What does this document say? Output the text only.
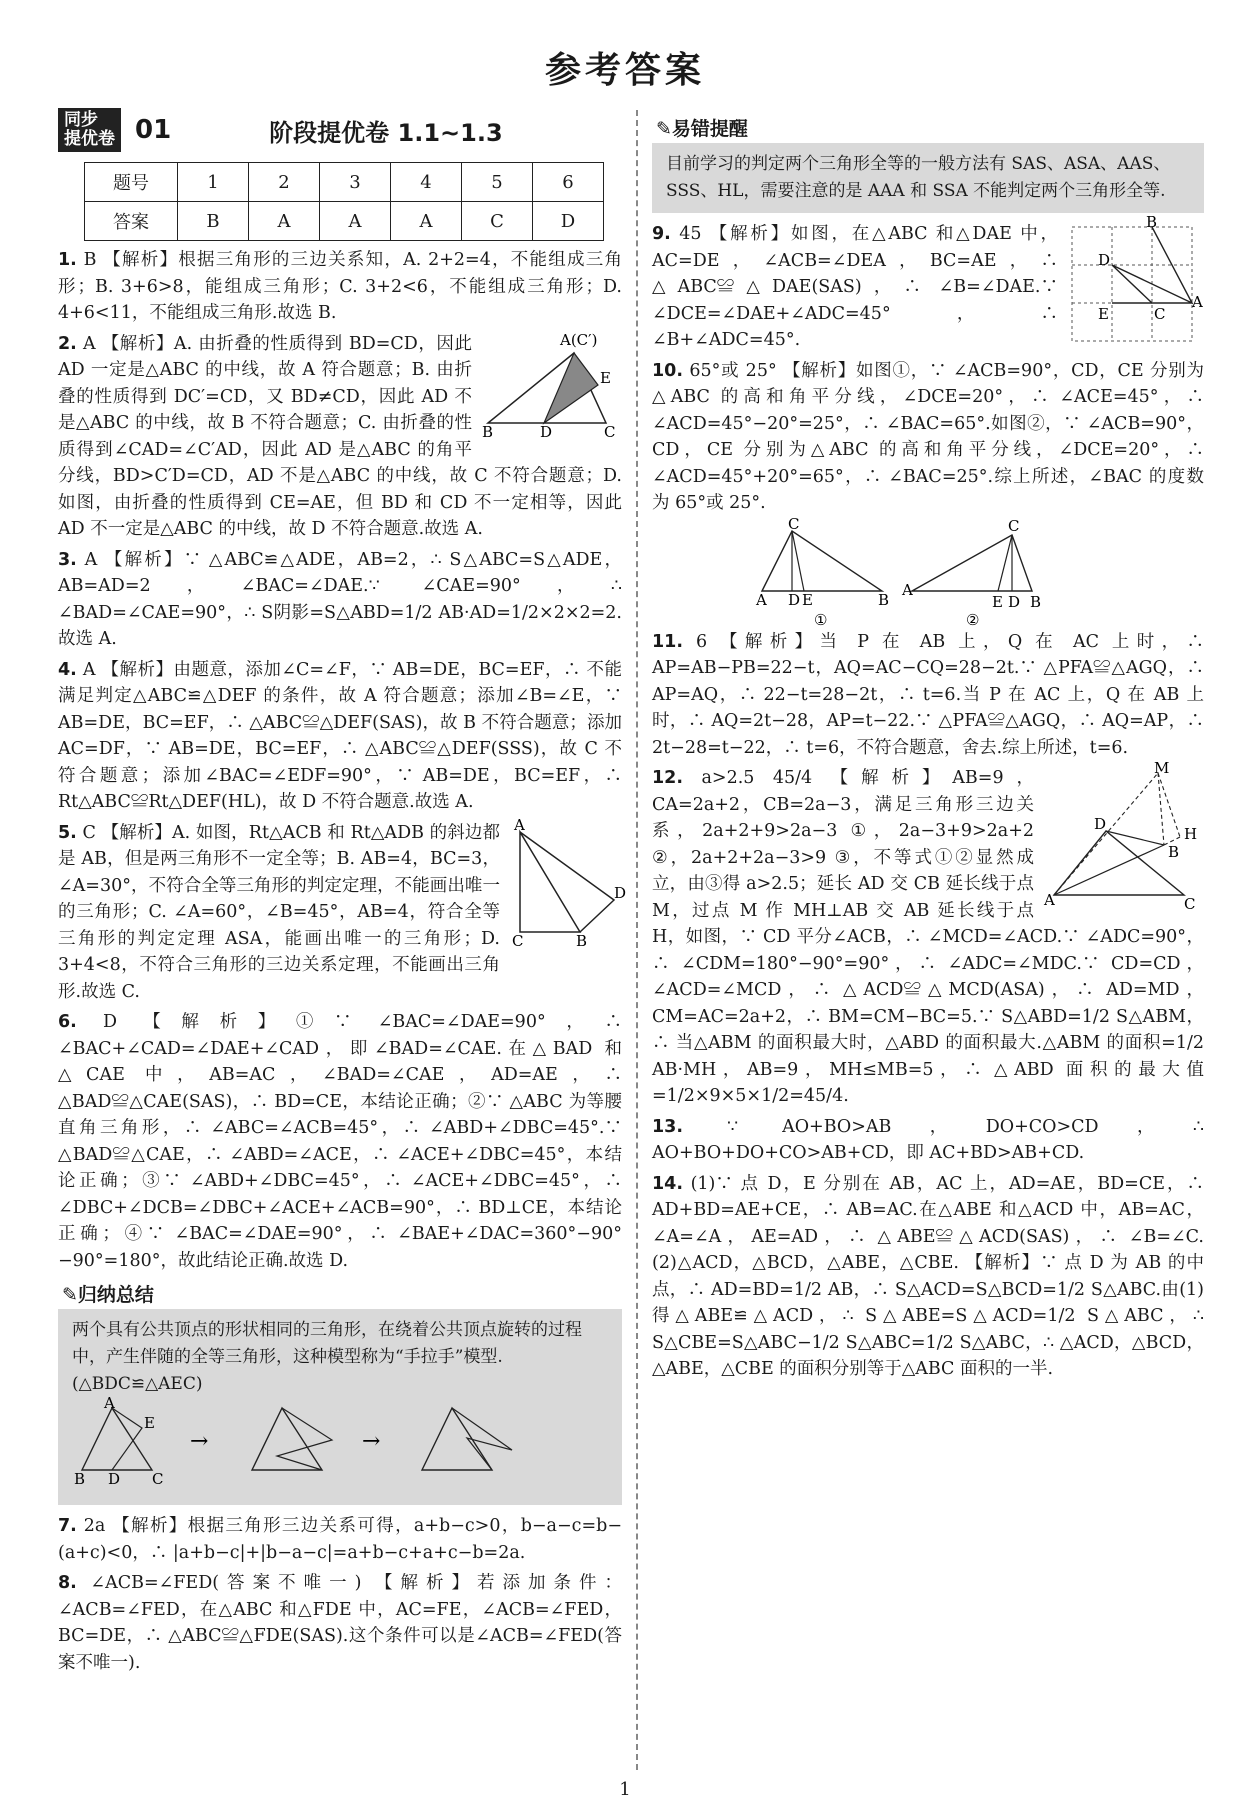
参考答案
同步
提优卷 01	阶段提优卷 1.1~1.3
题号	1	2	3	4	5	6
答案	B	A	A	A	C	D

1. B 【解析】根据三角形的三边关系知，A. 2+2=4，不能组成三角形；B. 3+6>8，能组成三角形；C. 3+2<6，不能组成三角形；D. 4+6<11，不能组成三角形.故选 B.

A(C′)
E
B	D	C

2. A 【解析】A. 由折叠的性质得到 BD=CD，因此 AD 一定是△ABC 的中线，故 A 符合题意；B. 由折叠的性质得到 DC′=CD，又 BD≠CD，因此 AD 不是△ABC 的中线，故 B 不符合题意；C. 由折叠的性质得到∠CAD=∠C′AD，因此 AD 是△ABC 的角平分线，BD>C′D=CD，AD 不是△ABC 的中线，故 C 不符合题意；D. 如图，由折叠的性质得到 CE=AE，但 BD 和 CD 不一定相等，因此 AD 不一定是△ABC 的中线，故 D 不符合题意.故选 A.

3. A 【解析】∵ △ABC≌△ADE，AB=2，∴ S△ABC=S△ADE，AB=AD=2，∠BAC=∠DAE.∵ ∠CAE=90°，∴ ∠BAD=∠CAE=90°，∴ S阴影=S△ABD=1/2 AB·AD=1/2×2×2=2.故选 A.

4. A 【解析】由题意，添加∠C=∠F，∵ AB=DE，BC=EF，∴ 不能满足判定△ABC≌△DEF 的条件，故 A 符合题意；添加∠B=∠E，∵ AB=DE，BC=EF，∴ △ABC≌△DEF(SAS)，故 B 不符合题意；添加 AC=DF，∵ AB=DE，BC=EF，∴ △ABC≌△DEF(SSS)，故 C 不符合题意；添加∠BAC=∠EDF=90°，∵ AB=DE，BC=EF，∴ Rt△ABC≌Rt△DEF(HL)，故 D 不符合题意.故选 A.

A
D
C	B

5. C 【解析】A. 如图，Rt△ACB 和 Rt△ADB 的斜边都是 AB，但是两三角形不一定全等；B. AB=4，BC=3，∠A=30°，不符合全等三角形的判定定理，不能画出唯一的三角形；C. ∠A=60°，∠B=45°，AB=4，符合全等三角形的判定定理 ASA，能画出唯一的三角形；D. 3+4<8，不符合三角形的三边关系定理，不能画出三角形.故选 C.

6. D 【解析】①∵ ∠BAC=∠DAE=90°，∴ ∠BAC+∠CAD=∠DAE+∠CAD，即∠BAD=∠CAE.在△BAD 和△CAE 中，AB=AC，∠BAD=∠CAE，AD=AE，∴ △BAD≌△CAE(SAS)，∴ BD=CE，本结论正确；②∵ △ABC 为等腰直角三角形，∴ ∠ABC=∠ACB=45°，∴ ∠ABD+∠DBC=45°.∵ △BAD≌△CAE，∴ ∠ABD=∠ACE，∴ ∠ACE+∠DBC=45°，本结论正确；③∵ ∠ABD+∠DBC=45°，∴ ∠ACE+∠DBC=45°，∴ ∠DBC+∠DCB=∠DBC+∠ACE+∠ACB=90°，∴ BD⊥CE，本结论正确；④∵ ∠BAC=∠DAE=90°，∴ ∠BAE+∠DAC=360°−90°−90°=180°，故此结论正确.故选 D.

✎归纳总结
两个具有公共顶点的形状相同的三角形，在绕着公共顶点旋转的过程中，产生伴随的全等三角形，这种模型称为“手拉手”模型.(△BDC≌△AEC)
A
E
B D C
→	→

7. 2a 【解析】根据三角形三边关系可得，a+b−c>0，b−a−c=b−(a+c)<0，∴ |a+b−c|+|b−a−c|=a+b−c+a+c−b=2a.

8. ∠ACB=∠FED(答案不唯一) 【解析】若添加条件：∠ACB=∠FED，在△ABC 和△FDE 中，AC=FE，∠ACB=∠FED，BC=DE，∴ △ABC≌△FDE(SAS).这个条件可以是∠ACB=∠FED(答案不唯一).

✎易错提醒
目前学习的判定两个三角形全等的一般方法有 SAS、ASA、AAS、SSS、HL，需要注意的是 AAA 和 SSA 不能判定两个三角形全等.
B
D
E	C
A

9. 45 【解析】如图，在△ABC 和△DAE 中，AC=DE，∠ACB=∠DEA，BC=AE，∴ △ABC≌△DAE(SAS)，∴ ∠B=∠DAE.∵ ∠DCE=∠DAE+∠ADC=45°，∴ ∠B+∠ADC=45°.

10. 65°或 25° 【解析】如图①，∵ ∠ACB=90°，CD，CE 分别为△ABC 的高和角平分线，∠DCE=20°，∴ ∠ACE=45°，∴ ∠ACD=45°−20°=25°，∴ ∠BAC=65°.如图②，∵ ∠ACB=90°，CD，CE 分别为△ABC 的高和角平分线，∠DCE=20°，∴ ∠ACD=45°+20°=65°，∴ ∠BAC=25°.综上所述，∠BAC 的度数为 65°或 25°.

C
A D E	B
①
C
A
E D B
②

11. 6 【解析】当 P 在 AB 上，Q 在 AC 上时，∴ AP=AB−PB=22−t，AQ=AC−CQ=28−2t.∵ △PFA≌△AGQ，∴ AP=AQ，∴ 22−t=28−2t，∴ t=6.当 P 在 AC 上，Q 在 AB 上时，∴ AQ=2t−28，AP=t−22.∵ △PFA≌△AGQ，∴ AQ=AP，∴ 2t−28=t−22，∴ t=6，不符合题意，舍去.综上所述，t=6.

M
D
H
B
A	C

12. a>2.5 45/4 【解析】AB=9，CA=2a+2，CB=2a−3，满足三角形三边关系，2a+2+9>2a−3 ①，2a−3+9>2a+2 ②，2a+2+2a−3>9 ③，不等式①②显然成立，由③得 a>2.5；延长 AD 交 CB 延长线于点 M，过点 M 作 MH⊥AB 交 AB 延长线于点 H，如图，∵ CD 平分∠ACB，∴ ∠MCD=∠ACD.∵ ∠ADC=90°，∴ ∠CDM=180°−90°=90°，∴ ∠ADC=∠MDC.∵ CD=CD，∠ACD=∠MCD，∴ △ACD≌△MCD(ASA)，∴ AD=MD，CM=AC=2a+2，∴ BM=CM−BC=5.∵ S△ABD=1/2 S△ABM，∴ 当△ABM 的面积最大时，△ABD 的面积最大.△ABM 的面积=1/2 AB·MH，AB=9，MH≤MB=5，∴ △ABD 面积的最大值=1/2×9×5×1/2=45/4.

13.	∵ AO+BO>AB，DO+CO>CD，∴ AO+BO+DO+CO>AB+CD，即 AC+BD>AB+CD.

14. (1)∵ 点 D，E 分别在 AB，AC 上，AD=AE，BD=CE，∴ AD+BD=AE+CE，∴ AB=AC.在△ABE 和△ACD 中，AB=AC，∠A=∠A，AE=AD，∴ △ABE≌△ACD(SAS)，∴ ∠B=∠C. (2)△ACD，△BCD，△ABE，△CBE. 【解析】∵ 点 D 为 AB 的中点，∴ AD=BD=1/2 AB，∴ S△ACD=S△BCD=1/2 S△ABC.由(1)得△ABE≌△ACD，∴ S△ABE=S△ACD=1/2 S△ABC，∴ S△CBE=S△ABC−1/2 S△ABC=1/2 S△ABC，∴ △ACD，△BCD，△ABE，△CBE 的面积分别等于△ABC 面积的一半.

1
